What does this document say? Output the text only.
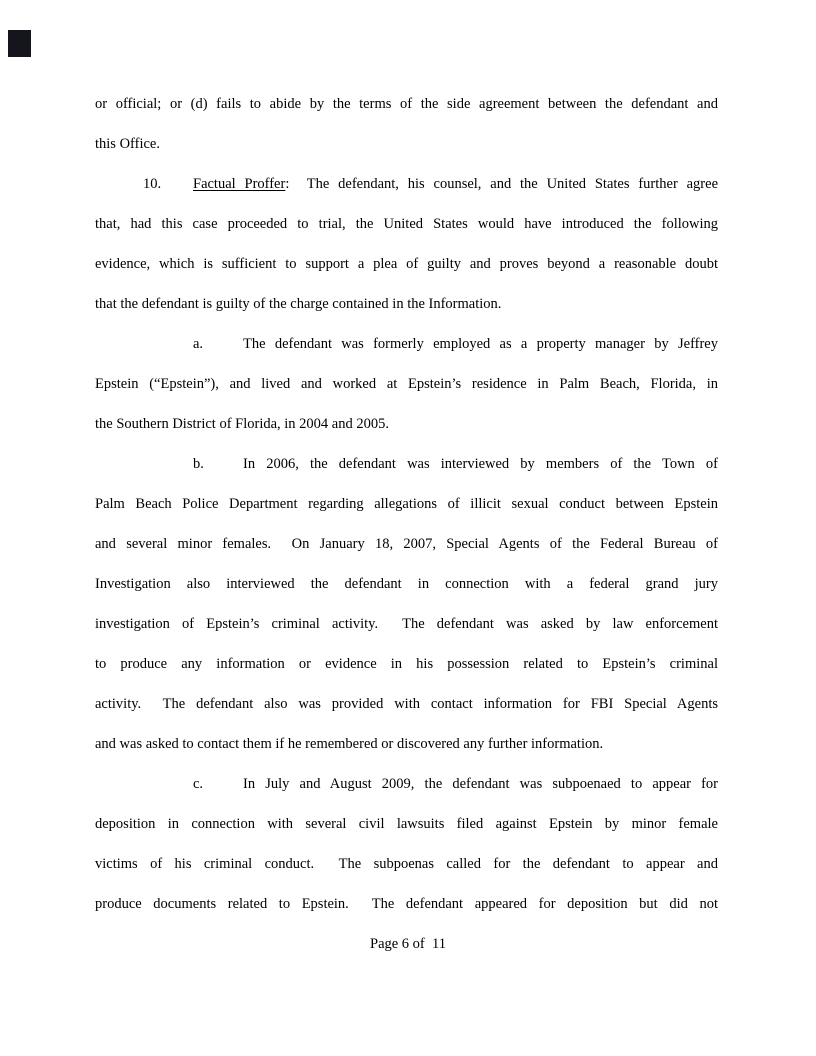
or official; or (d) fails to abide by the terms of the side agreement between the defendant and
this Office.
10. Factual Proffer:  The defendant, his counsel, and the United States further agree
that, had this case proceeded to trial, the United States would have introduced the following
evidence, which is sufficient to support a plea of guilty and proves beyond a reasonable doubt
that the defendant is guilty of the charge contained in the Information.
a.	The defendant was formerly employed as a property manager by Jeffrey
Epstein (“Epstein”), and lived and worked at Epstein’s residence in Palm Beach, Florida, in
the Southern District of Florida, in 2004 and 2005.
b.	In 2006, the defendant was interviewed by members of the Town of
Palm Beach Police Department regarding allegations of illicit sexual conduct between Epstein
and several minor females.  On January 18, 2007, Special Agents of the Federal Bureau of
Investigation also interviewed the defendant in connection with a federal grand jury
investigation of Epstein’s criminal activity.  The defendant was asked by law enforcement
to produce any information or evidence in his possession related to Epstein’s criminal
activity.  The defendant also was provided with contact information for FBI Special Agents
and was asked to contact them if he remembered or discovered any further information.
c.	In July and August 2009, the defendant was subpoenaed to appear for
deposition in connection with several civil lawsuits filed against Epstein by minor female
victims of his criminal conduct.  The subpoenas called for the defendant to appear and
produce documents related to Epstein.  The defendant appeared for deposition but did not
Page 6 of  11
